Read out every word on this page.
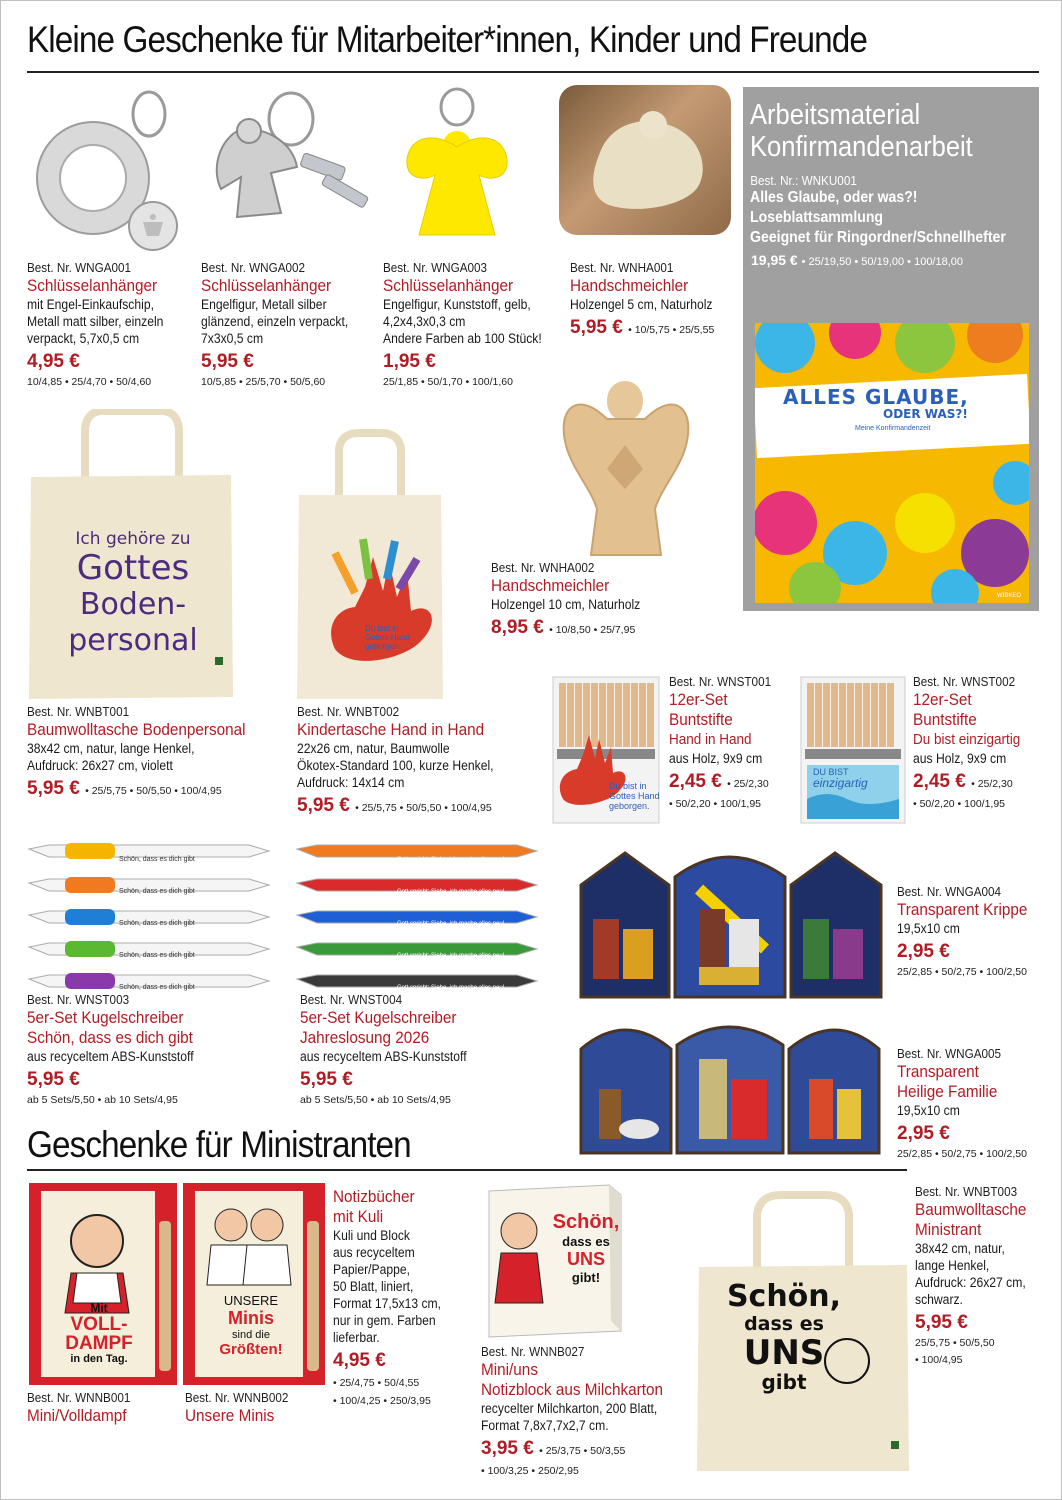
Kleine Geschenke für Mitarbeiter*innen, Kinder und Freunde
Arbeitsmaterial
Konfirmandenarbeit
Best. Nr.: WNKU001
Alles Glaube, oder was?!
Loseblattsammlung
Geeignet für Ringordner/Schnellhefter
19,95 € • 25/19,50 • 50/19,00 • 100/18,00
ALLES GLAUBE,
ODER WAS?!
Meine Konfirmandenzeit
WIBKEO
Best. Nr. WNGA001
Schlüsselanhänger
mit Engel-Einkaufschip,
Metall matt silber, einzeln
verpackt, 5,7x0,5 cm
4,95 €
10/4,85 • 25/4,70 • 50/4,60
Best. Nr. WNGA002
Schlüsselanhänger
Engelfigur, Metall silber
glänzend, einzeln verpackt,
7x3x0,5 cm
5,95 €
10/5,85 • 25/5,70 • 50/5,60
Best. Nr. WNGA003
Schlüsselanhänger
Engelfigur, Kunststoff, gelb,
4,2x4,3x0,3 cm
Andere Farben ab 100 Stück!
1,95 €
25/1,85 • 50/1,70 • 100/1,60
Best. Nr. WNHA001
Handschmeichler
Holzengel 5 cm, Naturholz
5,95 € • 10/5,75 • 25/5,55
Ich gehöre zu
Gottes
Boden-
personal	Du bist in
Gottes Hand
geborgen.
Best. Nr. WNHA002
Handschmeichler
Holzengel 10 cm, Naturholz
8,95 € • 10/8,50 • 25/7,95
Best. Nr. WNBT001
Baumwolltasche Bodenpersonal
38x42 cm, natur, lange Henkel,
Aufdruck: 26x27 cm, violett
5,95 € • 25/5,75 • 50/5,50 • 100/4,95
Best. Nr. WNBT002
Kindertasche Hand in Hand
22x26 cm, natur, Baumwolle
Ökotex-Standard 100, kurze Henkel,
Aufdruck: 14x14 cm
5,95 € • 25/5,75 • 50/5,50 • 100/4,95
Du bist in
Gottes Hand
geborgen.
Best. Nr. WNST001
12er-Set
Buntstifte
Hand in Hand
aus Holz, 9x9 cm
2,45 € • 25/2,30
• 50/2,20 • 100/1,95
DU BIST
einzigartig
Best. Nr. WNST002
12er-Set
Buntstifte
Du bist einzigartig
aus Holz, 9x9 cm
2,45 € • 25/2,30
• 50/2,20 • 100/1,95
Schön, dass es dich gibt
Schön, dass es dich gibt
Schön, dass es dich gibt
Schön, dass es dich gibt
Schön, dass es dich gibt
Gott spricht: Siehe, ich mache alles neu!
Gott spricht: Siehe, ich mache alles neu!
Gott spricht: Siehe, ich mache alles neu!
Gott spricht: Siehe, ich mache alles neu!
Gott spricht: Siehe, ich mache alles neu!
Best. Nr. WNST003
5er-Set Kugelschreiber
Schön, dass es dich gibt
aus recyceltem ABS-Kunststoff
5,95 €
ab 5 Sets/5,50 • ab 10 Sets/4,95
Best. Nr. WNST004
5er-Set Kugelschreiber
Jahreslosung 2026
aus recyceltem ABS-Kunststoff
5,95 €
ab 5 Sets/5,50 • ab 10 Sets/4,95
Best. Nr. WNGA004
Transparent Krippe
19,5x10 cm
2,95 €
25/2,85 • 50/2,75 • 100/2,50
Best. Nr. WNGA005
Transparent
Heilige Familie
19,5x10 cm
2,95 €
25/2,85 • 50/2,75 • 100/2,50
Geschenke für Ministranten
Mit
VOLL-
DAMPF
in den Tag.
UNSERE
Minis
sind die
Größten!
Best. Nr. WNNB001
Mini/Volldampf
Best. Nr. WNNB002
Unsere Minis
Notizbücher
mit Kuli
Kuli und Block
aus recyceltem
Papier/Pappe,
50 Blatt, liniert,
Format 17,5x13 cm,
nur in gem. Farben
lieferbar.
4,95 €
• 25/4,75 • 50/4,55
• 100/4,25 • 250/3,95
Schön,
dass es
UNS
gibt!
Best. Nr. WNNB027
Mini/uns
Notizblock aus Milchkarton
recycelter Milchkarton, 200 Blatt,
Format 7,8x7,7x2,7 cm.
3,95 € • 25/3,75 • 50/3,55
• 100/3,25 • 250/2,95
Schön,
dass es
UNS
gibt
Best. Nr. WNBT003
Baumwolltasche
Ministrant
38x42 cm, natur,
lange Henkel,
Aufdruck: 26x27 cm,
schwarz.
5,95 €
25/5,75 • 50/5,50
• 100/4,95
